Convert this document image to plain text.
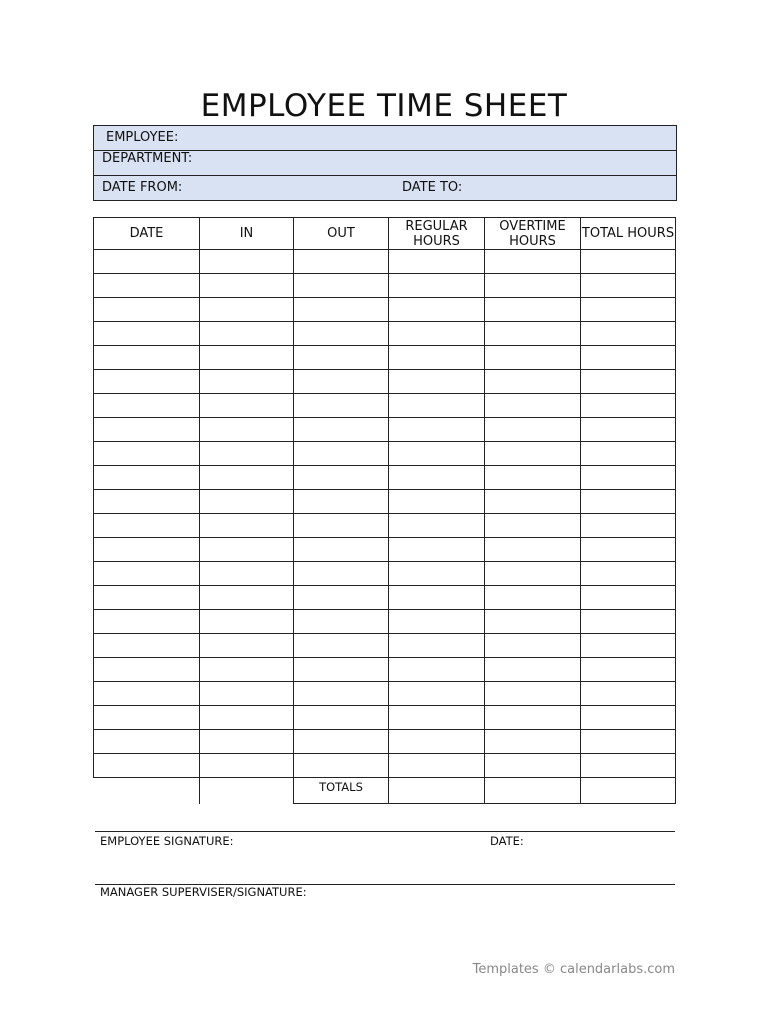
EMPLOYEE TIME SHEET
EMPLOYEE:
DEPARTMENT:
DATE FROM:	DATE TO:
DATE	IN	OUT	REGULAR HOURS	OVERTIME HOURS	TOTAL HOURS

		TOTALS			
EMPLOYEE SIGNATURE:	DATE:
MANAGER SUPERVISER/SIGNATURE:
Templates © calendarlabs.com
